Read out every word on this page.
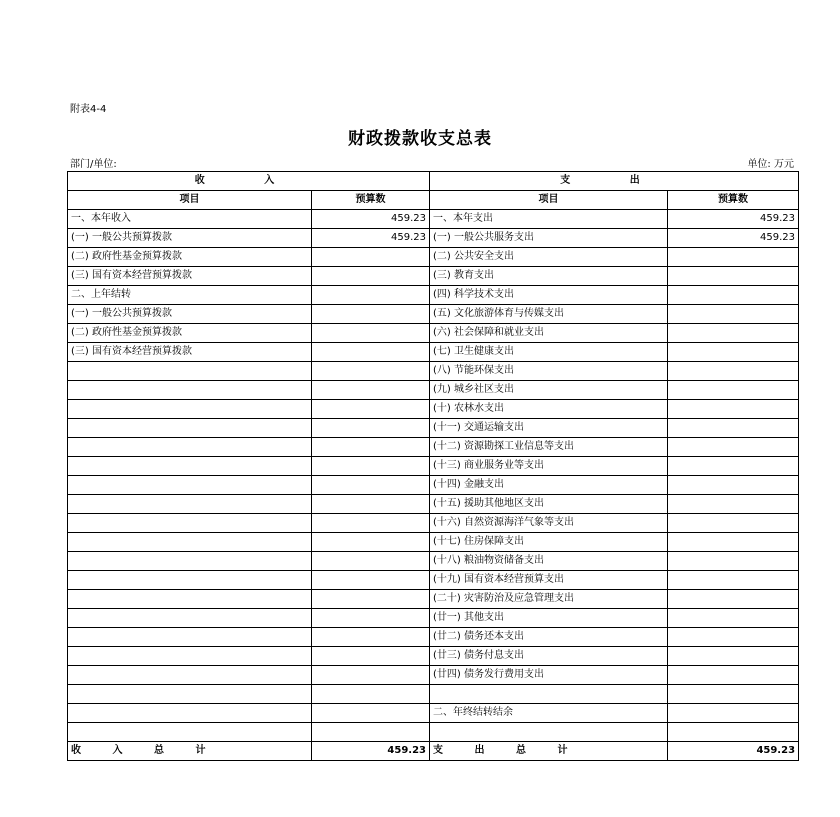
附表4-4
财政拨款收支总表
部门/单位:	单位: 万元
收 入		支 出	
项目	预算数	项目	预算数
一、本年收入	459.23	一、本年支出	459.23
(一) 一般公共预算拨款	459.23	(一) 一般公共服务支出	459.23
(二) 政府性基金预算拨款		(二) 公共安全支出	
(三) 国有资本经营预算拨款		(三) 教育支出	
二、上年结转		(四) 科学技术支出	
(一) 一般公共预算拨款		(五) 文化旅游体育与传媒支出	
(二) 政府性基金预算拨款		(六) 社会保障和就业支出	
(三) 国有资本经营预算拨款		(七) 卫生健康支出	
		(八) 节能环保支出	
		(九) 城乡社区支出	
		(十) 农林水支出	
		(十一) 交通运输支出	
		(十二) 资源勘探工业信息等支出	
		(十三) 商业服务业等支出	
		(十四) 金融支出	
		(十五) 援助其他地区支出	
		(十六) 自然资源海洋气象等支出	
		(十七) 住房保障支出	
		(十八) 粮油物资储备支出	
		(十九) 国有资本经营预算支出	
		(二十) 灾害防治及应急管理支出	
		(廿一) 其他支出	
		(廿二) 债务还本支出	
		(廿三) 债务付息支出	
		(廿四) 债务发行费用支出	

		二、年终结转结余	

收 入 总 计	459.23	支 出 总 计	459.23
